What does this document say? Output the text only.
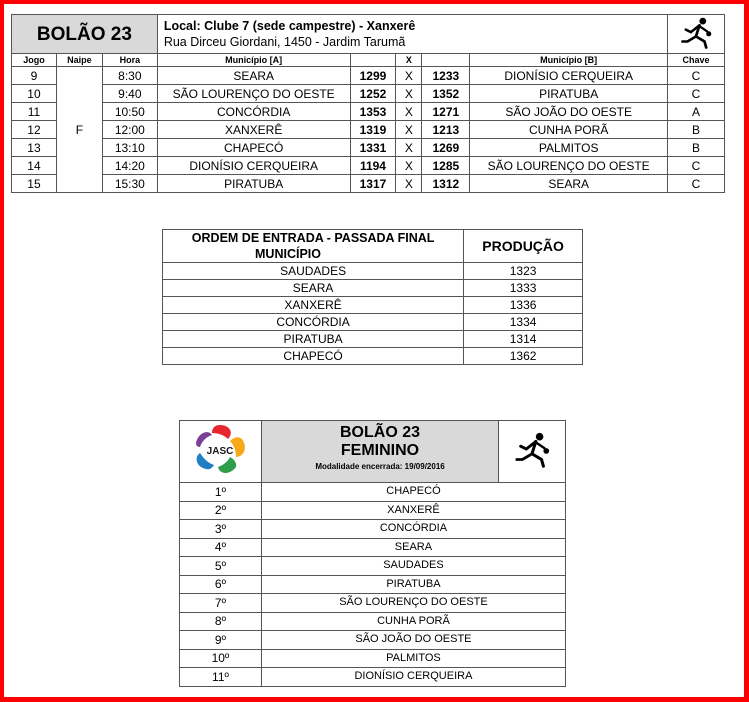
BOLÃO 23			Local: Clube 7 (sede campestre) - Xanxerê
Rua Dirceu Giordani, 1450 - Jardim Tarumã

Jogo	Naipe	Hora	Município [A]		X		Município [B]	Chave
9	F	8:30	SEARA	1299	X	1233	DIONÍSIO CERQUEIRA	C
10		9:40	SÃO LOURENÇO DO OESTE	1252	X	1352	PIRATUBA	C
11		10:50	CONCÓRDIA	1353	X	1271	SÃO JOÃO DO OESTE	A
12		12:00	XANXERÊ	1319	X	1213	CUNHA PORÃ	B
13		13:10	CHAPECÓ	1331	X	1269	PALMITOS	B
14		14:20	DIONÍSIO CERQUEIRA	1194	X	1285	SÃO LOURENÇO DO OESTE	C
15		15:30	PIRATUBA	1317	X	1312	SEARA	C
ORDEM DE ENTRADA - PASSADA FINAL	PRODUÇÃO
MUNICÍPIO	
SAUDADES	1323
SEARA	1333
XANXERÊ	1336
CONCÓRDIA	1334
PIRATUBA	1314
CHAPECÓ	1362
JASC	BOLÃO 23
FEMININO
Modalidade encerrada: 19/09/2016

1º	CHAPECÓ	
2º	XANXERÊ	
3º	CONCÓRDIA	
4º	SEARA	
5º	SAUDADES	
6º	PIRATUBA	
7º	SÃO LOURENÇO DO OESTE	
8º	CUNHA PORÃ	
9º	SÃO JOÃO DO OESTE	
10º	PALMITOS	
11º	DIONÍSIO CERQUEIRA	
